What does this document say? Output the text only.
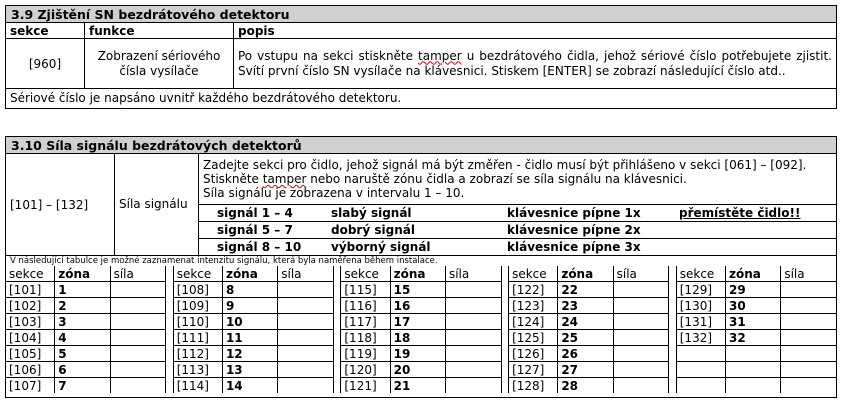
3.9 Zjištění SN bezdrátového detektoru
sekce	funkce	popis
[960]	Zobrazení sériového čísla vysílače	Po vstupu na sekci stiskněte tamper u bezdrátového čidla, jehož sériové číslo potřebujete zjistit. Svítí první číslo SN vysílače na klávesnici. Stiskem [ENTER] se zobrazí následující číslo atd..
Sériové číslo je napsáno uvnitř každého bezdrátového detektoru.		
3.10 Síla signálu bezdrátových detektorů
[101] – [132]	Síla signálu	Zadejte sekci pro čidlo, jehož signál má být změřen - čidlo musí být přihlášeno v sekci [061] – [092]. Stiskněte tamper nebo naruště zónu čidla a zobrazí se síla signálu na klávesnici.
Síla signálu je zobrazena v intervalu 1 – 10.

signál 1 – 4	slabý signál	klávesnice pípne 1x	přemístěte čidlo!!

signál 5 – 7	dobrý signál	klávesnice pípne 2x

signál 8 – 10	výborný signál	klávesnice pípne 3x

V následující tabulce je možné zaznamenat intenzitu signálu, která byla naměřena během instalace.
sekce	zóna	síla		sekce	zóna	síla		sekce	zóna	síla		sekce	zóna	síla		sekce	zóna	síla
[101]	1			[108]	8			[115]	15			[122]	22			[129]	29	
[102]	2			[109]	9			[116]	16			[123]	23			[130]	30	
[103]	3			[110]	10			[117]	17			[124]	24			[131]	31	
[104]	4			[111]	11			[118]	18			[125]	25			[132]	32	
[105]	5			[112]	12			[119]	19			[126]	26					
[106]	6			[113]	13			[120]	20			[127]	27					
[107]	7			[114]	14			[121]	21			[128]	28					
